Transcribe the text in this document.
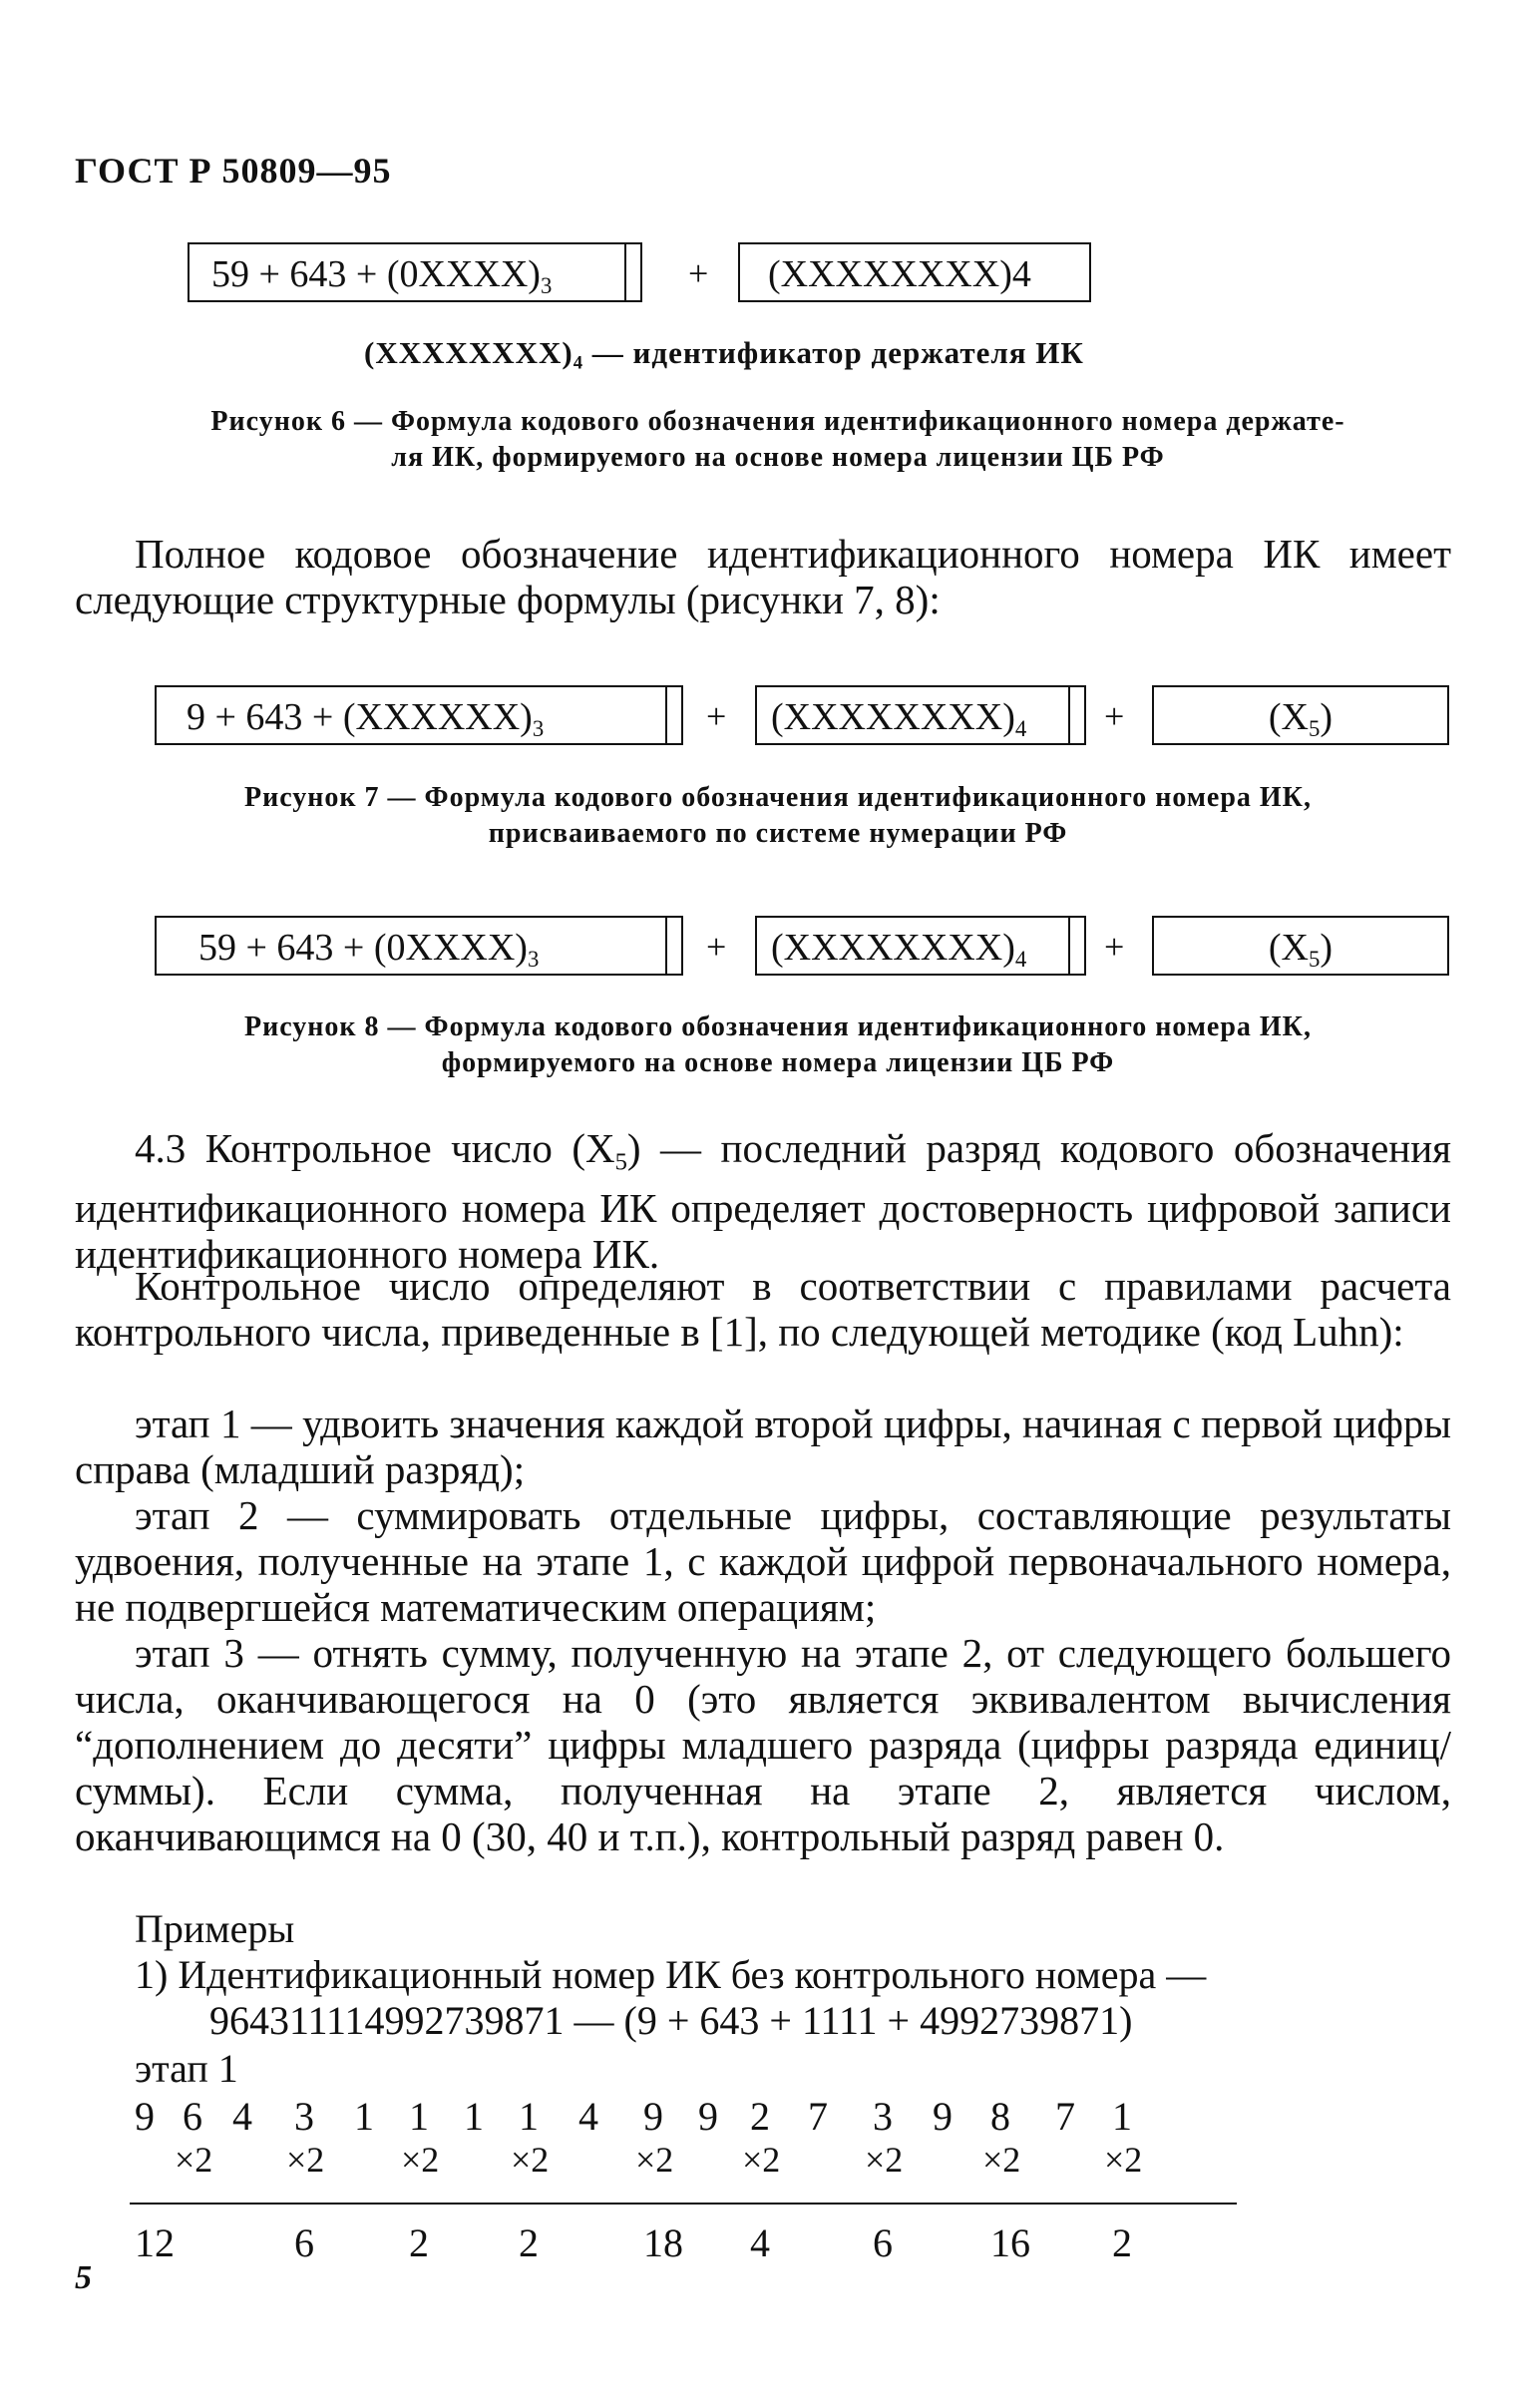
ГОСТ Р 50809—95
$59 + 643 + (0XXXX)_3$	+ (XXXXXXXX)4
$(XXXXXXXX)_4$ — идентификатор держателя ИК
Рисунок 6 — Формула кодового обозначения идентификационного номера держате-
ля ИК, формируемого на основе номера лицензии ЦБ РФ
Полное кодовое обозначение идентификационного номера ИК имеет следующие структурные формулы (рисунки 7, 8):
$9 + 643 + (XXXXXX)_3$	+ $(XXXXXXXX)_4$ +	$(X_5)$
Рисунок 7 — Формула кодового обозначения идентификационного номера ИК,
присваиваемого по системе нумерации РФ
$59 + 643 + (0XXXX)_3$	+ $(XXXXXXXX)_4$ +	$(X_5)$
Рисунок 8 — Формула кодового обозначения идентификационного номера ИК,
формируемого на основе номера лицензии ЦБ РФ
4.3 Контрольное число $(X_5)$ — последний разряд кодового обозначения идентификационного номера ИК определяет достоверность цифровой записи идентификационного номера ИК.
Контрольное число определяют в соответствии с правилами расчета контрольного числа, приведенные в [1], по следующей методике (код Luhn):
этап 1 — удвоить значения каждой второй цифры, начиная с первой цифры справа (младший разряд);
этап 2 — суммировать отдельные цифры, составляющие результаты удвоения, полученные на этапе 1, с каждой цифрой первоначального номера, не подвергшейся математическим операциям;
этап 3 — отнять сумму, полученную на этапе 2, от следующего большего числа, оканчивающегося на 0 (это является эквивалентом вычисления “дополнением до десяти” цифры младшего разряда (цифры разряда единиц/суммы). Если сумма, полученная на этапе 2, является числом, оканчивающимся на 0 (30, 40 и т.п.), контрольный разряд равен 0.
Примеры
1) Идентификационный номер ИК без контрольного номера —
964311114992739871 — (9 + 643 + 1111 + 4992739871)
этап 1
9 6 4 3 1 1 1 1 4 9 9 2 7 3 9 8 7 1
×2 ×2 ×2 ×2 ×2 ×2 ×2 ×2 ×2
12	6 2 2	18 4	6 16 2
5
